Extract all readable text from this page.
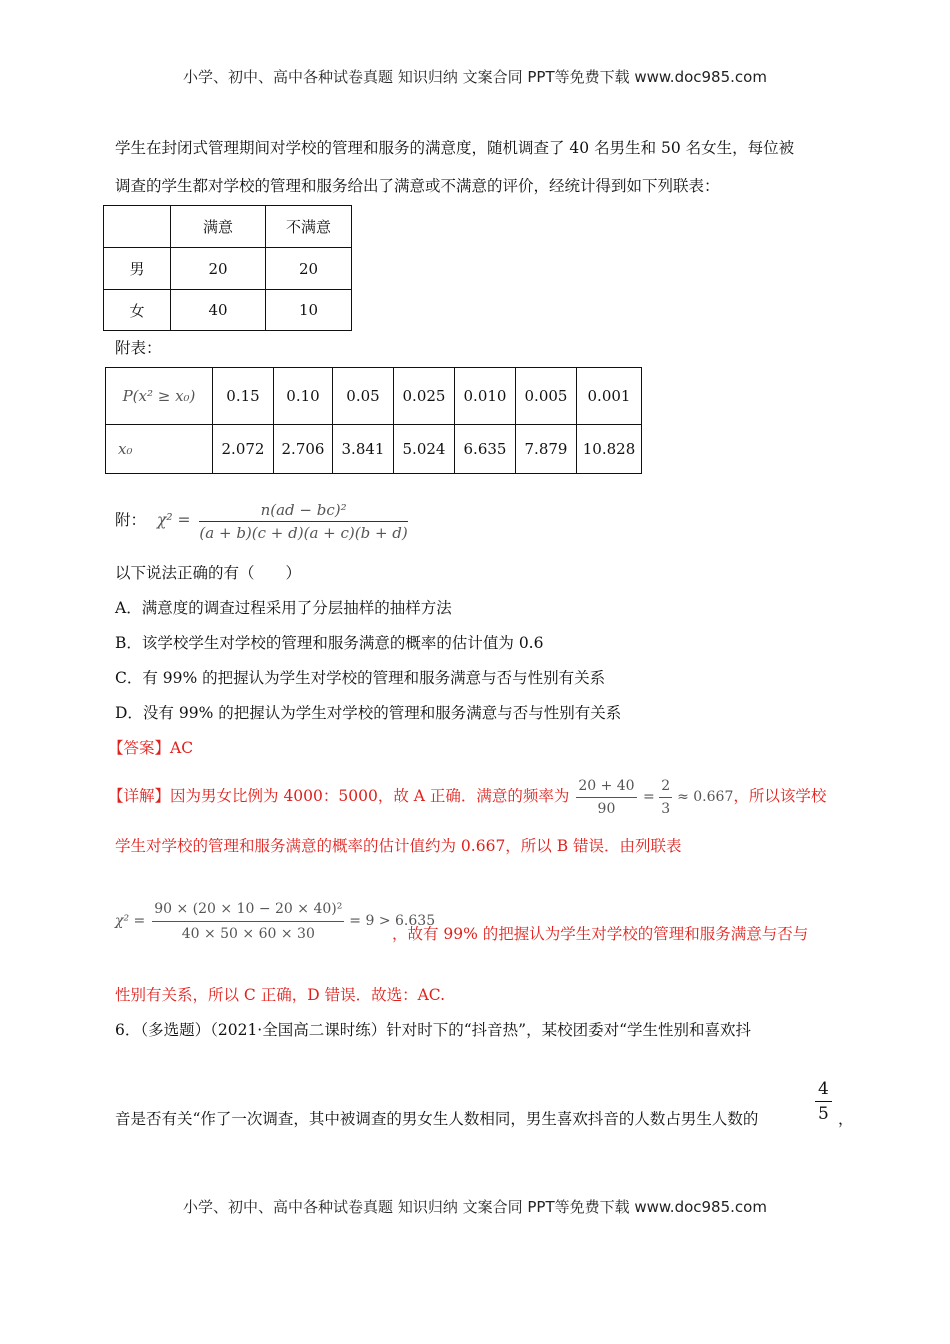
小学、初中、高中各种试卷真题 知识归纳 文案合同 PPT等免费下载 www.doc985.com
学生在封闭式管理期间对学校的管理和服务的满意度，随机调查了 40 名男生和 50 名女生，每位被
调查的学生都对学校的管理和服务给出了满意或不满意的评价，经统计得到如下列联表：
	满意	不满意
男	20	20
女	40	10
附表：
P(x² ≥ x₀)	0.15	0.10	0.05	0.025	0.010	0.005	0.001
x₀	2.072	2.706	3.841	5.024	6.635	7.879	10.828
附： $\chi^2 = \frac{\text{n(ad − bc)²}}{(a + b)(c + d)(a + c)(b + d)}$
以下说法正确的有（　　）
A．满意度的调查过程采用了分层抽样的抽样方法
B．该学校学生对学校的管理和服务满意的概率的估计值为 0.6
C．有 99% 的把握认为学生对学校的管理和服务满意与否与性别有关系
D．没有 99% 的把握认为学生对学校的管理和服务满意与否与性别有关系
【答案】AC
【详解】因为男女比例为 4000：5000，故 A 正确．满意的频率为 $\frac{20 + 40}{90} = \frac{2}{3} \approx 0.667$，所以该学校
学生对学校的管理和服务满意的概率的估计值约为 0.667，所以 B 错误．由列联表
$\chi^2 = \frac{\text{90 × (20 × 10 − 20 × 40)²}}{40 \times 50 \times 60 \times 30} = 9 > 6.635$
，故有 99% 的把握认为学生对学校的管理和服务满意与否与
性别有关系，所以 C 正确，D 错误．故选：AC.
6．（多选题）（2021·全国高二课时练）针对时下的“抖音热”，某校团委对“学生性别和喜欢抖
音是否有关“作了一次调查，其中被调查的男女生人数相同，男生喜欢抖音的人数占男生人数的	$\frac{4}{5}$ ，
小学、初中、高中各种试卷真题 知识归纳 文案合同 PPT等免费下载 www.doc985.com
